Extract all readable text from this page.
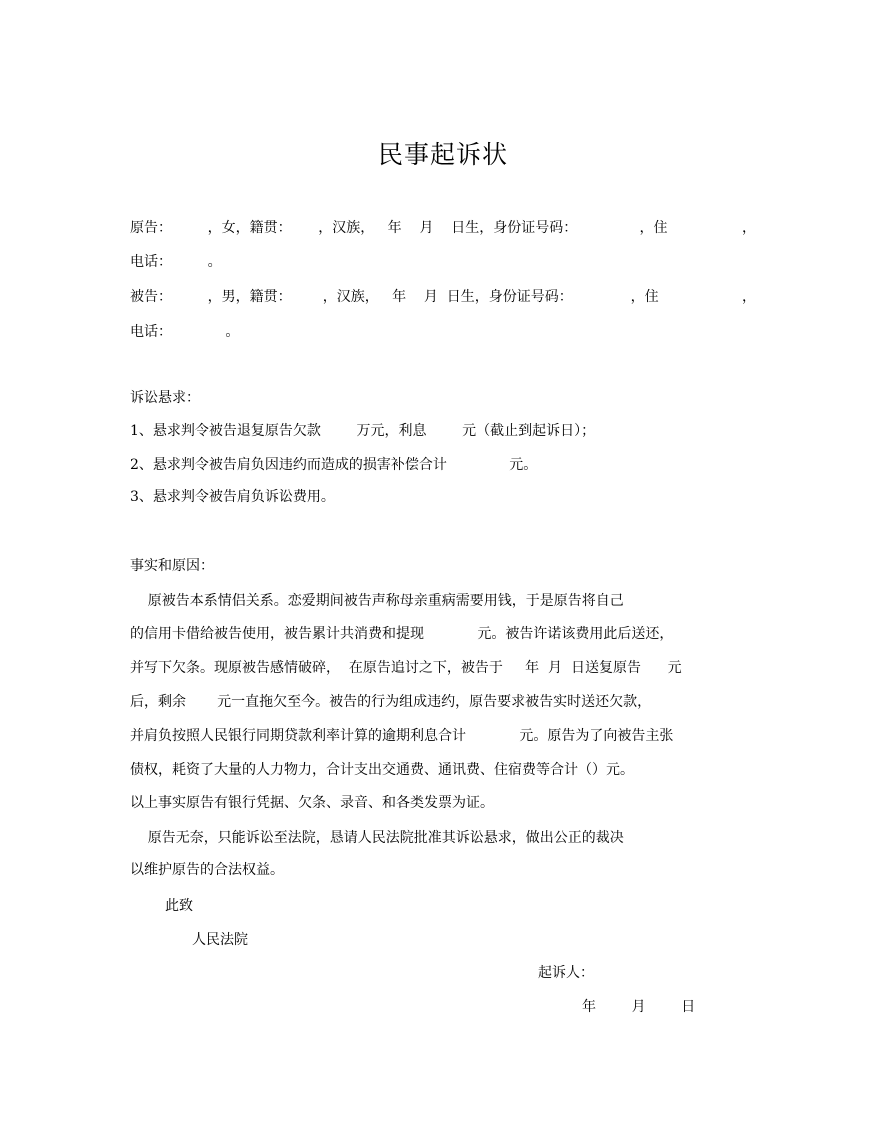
民事起诉状
原告：        ，女，籍贯：      ，汉族，   年    月    日生，身份证号码：              ，住	，
电话：        。
被告：        ，男，籍贯：       ，汉族，   年    月  日生，身份证号码：             ，住	，
电话：            。
诉讼悬求：
1、悬求判令被告退复原告欠款        万元，利息        元（截止到起诉日）；
2、悬求判令被告肩负因违约而造成的损害补偿合计              元。
3、悬求判令被告肩负诉讼费用。
事实和原因：
原被告本系情侣关系。恋爱期间被告声称母亲重病需要用钱，于是原告将自己
的信用卡借给被告使用，被告累计共消费和提现            元。被告许诺该费用此后送还，
并写下欠条。现原被告感情破碎，  在原告追讨之下，被告于     年  月  日送复原告      元
后，剩余       元一直拖欠至今。被告的行为组成违约，原告要求被告实时送还欠款，
并肩负按照人民银行同期贷款利率计算的逾期利息合计            元。原告为了向被告主张
债权，耗资了大量的人力物力，合计支出交通费、通讯费、住宿费等合计（）元。
以上事实原告有银行凭据、欠条、录音、和各类发票为证。
原告无奈，只能诉讼至法院，恳请人民法院批准其诉讼悬求，做出公正的裁决
以维护原告的合法权益。
此致
人民法院
起诉人：
年        月        日
